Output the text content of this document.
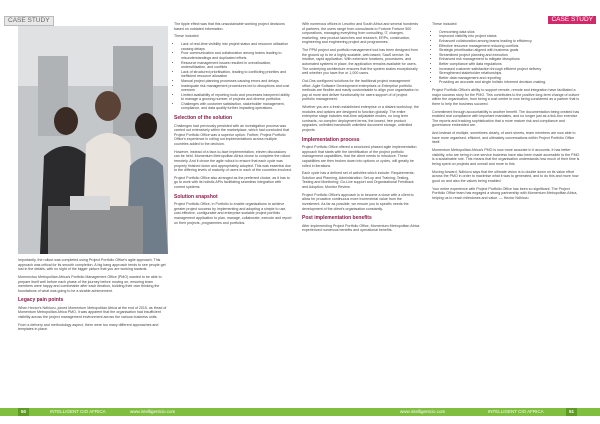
CASE STUDY	CASE STUDY

Importantly, the rollout was completed using Project Portfolio Office's agile approach. This approach was critical for its smooth completion. A big bang approach tends to see people get lost in the details, with no sight of the bigger picture that you are working towards.

Mornnnctou Metropolitan Africa's Portfolio Management Office (PMO) wanted to be able to prepare itself well before each phase of the journey before moving on, ensuring team members were happy and comfortable after each iteration, building their own thinking the foundations of what was going to be a sizable achievement.

Legacy pain points

When Hector's Ndhlovu, joined Momentum Metropolitan Africa at the end of 2015, as Head of Momentum Metropolitan Africa PMO, it was apparent that the organisation had insufficient visibility across the project management environment across the various business units.

From a delivery and methodology aspect, there were too many different approaches and templates in place.

The tipple effect was that this unsustainable working project decisions based on outdated information.

These included:

• Lack of real-time visibility into project status and resource utilisation causing delays
• Poor communication and collaboration among teams leading to misunderstandings and duplicated efforts
• Resource management issues resulted in overallocation, underutilisation, and conflicts
• Lack of structured prioritisation, leading to conflicting priorities and inefficient resource allocation
• Manual project planning processes causing errors and delays
• Inadequate risk management procedures led to disruptions and cost overruns
• Limited availability of reporting tools and processes hampered ability to manage a growing number of projects and diverse portfolios
• Challenges with customer satisfaction, stakeholder management, compliance, and data quality further impacting operations.
Selection of the solution

Challenges had previously persisted with an investigation process was carried out extensively within the marketplace, which had concluded that Project Portfolio Office was a superior option. Further, Project Portfolio Office's experience in rolling out implementations across multiple countries added to the decision.

However, instead of a face-to-face implementation, eleven discussions can be held. Momentum Metropolitan Africa chose to complete the rollout remotely. And it chose the agile rollout to ensure that each cycle was properly finished down and appropriately adopted. This was essential due to the differing levels of maturity of users in each of the countries involved.

Project Portfolio Office also arranged as the preferred choice, as it has to go to work with its holistic APIs facilitating seamless integration with current systems.

Solution snapshot

Project Portfolio Office, in Portfolio to enable organisations to achieve greater project success by implementing and adopting a simple to use, cost effective, configurable and enterprise scalable project portfolio management application to plan, manage, collaborate, execute and report on their projects, programmes and portfolios.

With numerous offices in Lesotho and South Africa and several hundreds of partners, the users range from consultants to Fortune Fortune 500 corporations, managing everything from consulting, IT, changes, marketing, new product launches and research, ERPs, construction, engineering and engineering project and programmes.

The PPM project and portfolio management tool has been designed from the ground up to be a highly scalable, web-based, SaaS service. Its intuitive, rapid application. With extensive functions, procedures, and automated systems in place, the application remains available for users. The underlying architecture ensures that the system scales exceptionally well whether you have five or 1,000 users.

Out-Ons configured solutions for the traditional project management office. Agile Software Development enterprises or Enterprise portfolio methods are flexible and easily customisable to align your organisation to pay at more and deliver functionality for users support of of project portfolio management.

Whether you are a fresh established enterprise or a distant workshop, the modules and options are designed to function globally. The entire enterprise stage includes real-time adjustable modes, no long term contracts, no complex deployment terms, the lowest, free product upgrades, unlimited bandwidth unlimited document storage, unlimited projects.

Implementation process

Project Portfolio Office offered a structured phased agile implementation approach that starts with the identification of the project portfolio management capabilities, that the client needs to introduce. These capabilities are then broken down into options or cycles, will greatly be rolled in iterations.

Each cycle has a defined set of activities which include: Requirements; Solution and Planning, Administration; Set-up and Training; Testing, Testing and Monitoring; Go-Live support and Organizational Feedback and Adoption; Monitor Review.

Project Portfolio Office's approach is to become a close with a client to allow for proactive continuous more incremental value from the investment. As far as possible, we ensure you to specific needs the development of the client's organisation constantly.

Post implementation benefits

After implementing Project Portfolio Office, Momentum Metropolitan Africa experienced numerous benefits and operational benefits.

These included:

• Overcoming data silos
• Improved visibility into project status
• Enhanced collaboration among teams leading to efficiency
• Effective resource management reducing conflicts
• Strategic prioritisation aligned with business goals
• Streamlined project planning and execution
• Enhanced risk management to mitigate disruptions
• Better compliance with data regulations
• Increased customer satisfaction through efficient project delivery
• Strengthened stakeholder relationships
• Better data management and reporting
• Providing an accurate and single holistic informed decision-making.

Project Portfolio Office's ability to support remote, remote and integration have facilitated a major success story for the PMO. This contributes to the positive long-term change of culture within the organisation, from being a cost centre to now being considered as a partner that is there to help the business succeed.

Commitment through accountability is another benefit. The documentation being created has enabled real compliance with important mandates, and no longer just as a tick-box exercise. The reports and tracking sophistication that a more mature risk and compliance and governance embedded are.

And instead of multiple, sometimes clearly, of work sheets, team members are now able to have more organised, efficient, and ultimately conversations within Project Portfolio Office itself.

Momentum Metropolitan Africa's PMO is now more accurate in it accounts. It has better visibility, who are being in one service business have also been made accessible to the PMO is a sustainable role. This means that the organisation understands how much of their time is being spent on projects and overall and more to this.

Moving forward, Ndhlovu says that the ultimate vision is to double down on its value effort across the PMO in order to maximise what it was to generated, and to do this and more how good on and also the values being enabled.

Your entire experience with Project Portfolio Office has been so significant. The Project Portfolio Office team has engaged a strong partnership with Momentum Metropolitan Africa, helping us to reach milestones and value. — Hector Ndhlovu

50	INTELLIGENT CIO AFRICA	www.intelligentcio.com	www.intelligentcio.com	INTELLIGENT CIO AFRICA	51
